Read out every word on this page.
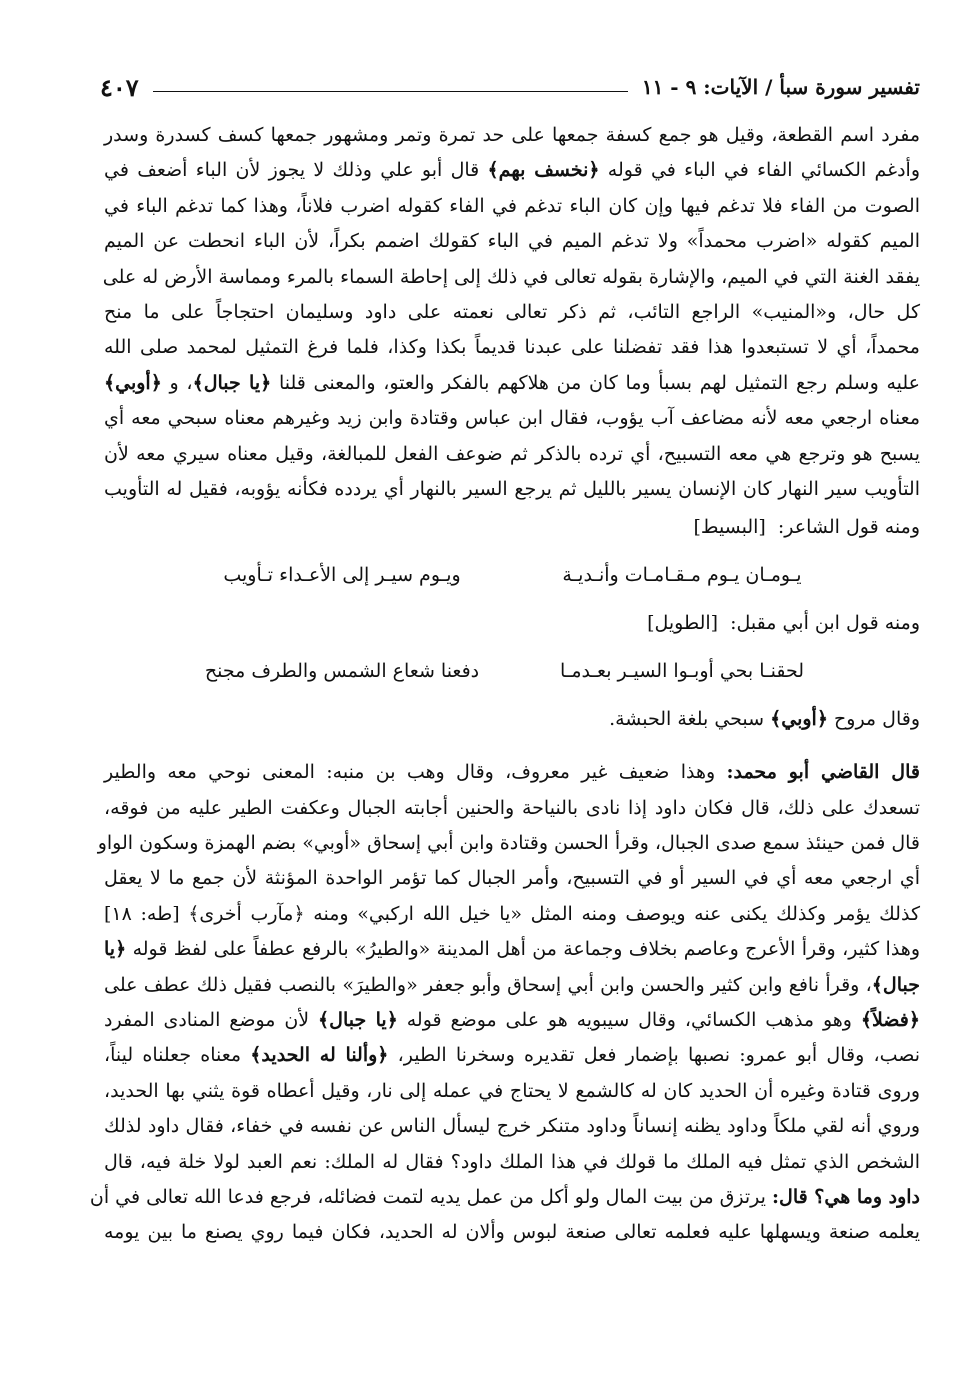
تفسير سورة سبأ / الآيات: ٩ - ١١
٤٠٧
مفرد اسم القطعة، وقيل هو جمع كسفة جمعها على حد تمرة وتمر ومشهور جمعها كسف كسدرة وسدر
وأدغم الكسائي الفاء في الباء في قوله ﴿نخسف بهم﴾ قال أبو علي وذلك لا يجوز لأن الباء أضعف في
الصوت من الفاء فلا تدغم فيها وإن كان الباء تدغم في الفاء كقوله اضرب فلاناً، وهذا كما تدغم الباء في
الميم كقوله «اضرب محمداً» ولا تدغم الميم في الباء كقولك اضمم بكراً، لأن الباء انحطت عن الميم
يفقد الغنة التي في الميم، والإشارة بقوله تعالى في ذلك إلى إحاطة السماء بالمرء ومماسة الأرض له على
كل حال، و«المنيب» الراجع التائب، ثم ذكر تعالى نعمته على داود وسليمان احتجاجاً على ما منح
محمداً، أي لا تستبعدوا هذا فقد تفضلنا على عبدنا قديماً بكذا وكذا، فلما فرغ التمثيل لمحمد صلى الله
عليه وسلم رجع التمثيل لهم بسبأ وما كان من هلاكهم بالفكر والعتو، والمعنى قلنا ﴿يا جبال﴾، و ﴿أوبي﴾
معناه ارجعي معه لأنه مضاعف آب يؤوب، فقال ابن عباس وقتادة وابن زيد وغيرهم معناه سبحي معه أي
يسبح هو وترجع هي معه التسبيح، أي ترده بالذكر ثم ضوعف الفعل للمبالغة، وقيل معناه سيري معه لأن
التأويب سير النهار كان الإنسان يسير بالليل ثم يرجع السير بالنهار أي يردده فكأنه يؤوبه، فقيل له التأويب
ومنه قول الشاعر: [البسيط]
يـومـان يـوم مـقـامـات وأنـديـة
ويـوم سيـر إلى الأعـداء تـأويب
ومنه قول ابن أبي مقبل: [الطويل]
لحقنـا بحي أوبـوا السيـر بعـدمـا
دفعنا شعاع الشمس والطرف مجنح
وقال مروح ﴿أوبي﴾ سبحي بلغة الحبشة.
قال القاضي أبو محمد: وهذا ضعيف غير معروف، وقال وهب بن منبه: المعنى نوحي معه والطير
تسعدك على ذلك، قال فكان داود إذا نادى بالنياحة والحنين أجابته الجبال وعكفت الطير عليه من فوقه،
قال فمن حينئذ سمع صدى الجبال، وقرأ الحسن وقتادة وابن أبي إسحاق «أوبي» بضم الهمزة وسكون الواو
أي ارجعي معه أي في السير أو في التسبيح، وأمر الجبال كما تؤمر الواحدة المؤنثة لأن جمع ما لا يعقل
كذلك يؤمر وكذلك يكنى عنه ويوصف ومنه المثل «يا خيل الله اركبي» ومنه ﴿مآرب أخرى﴾ [طه: ١٨]
وهذا كثير، وقرأ الأعرج وعاصم بخلاف وجماعة من أهل المدينة «والطيرُ» بالرفع عطفاً على لفظ قوله ﴿يا
جبال﴾، وقرأ نافع وابن كثير والحسن وابن أبي إسحاق وأبو جعفر «والطيرَ» بالنصب فقيل ذلك عطف على
﴿فضلاً﴾ وهو مذهب الكسائي، وقال سيبويه هو على موضع قوله ﴿يا جبال﴾ لأن موضع المنادى المفرد
نصب، وقال أبو عمرو: نصبها بإضمار فعل تقديره وسخرنا الطير، ﴿وألنا له الحديد﴾ معناه جعلناه ليناً،
وروى قتادة وغيره أن الحديد كان له كالشمع لا يحتاج في عمله إلى نار، وقيل أعطاه قوة يثني بها الحديد،
وروي أنه لقي ملكاً وداود يظنه إنساناً وداود متنكر خرج ليسأل الناس عن نفسه في خفاء، فقال داود لذلك
الشخص الذي تمثل فيه الملك ما قولك في هذا الملك داود؟ فقال له الملك: نعم العبد لولا خلة فيه، قال
داود وما هي؟ قال: يرتزق من بيت المال ولو أكل من عمل يديه لتمت فضائله، فرجع فدعا الله تعالى في أن
يعلمه صنعة ويسهلها عليه فعلمه تعالى صنعة لبوس وألان له الحديد، فكان فيما روي يصنع ما بين يومه
